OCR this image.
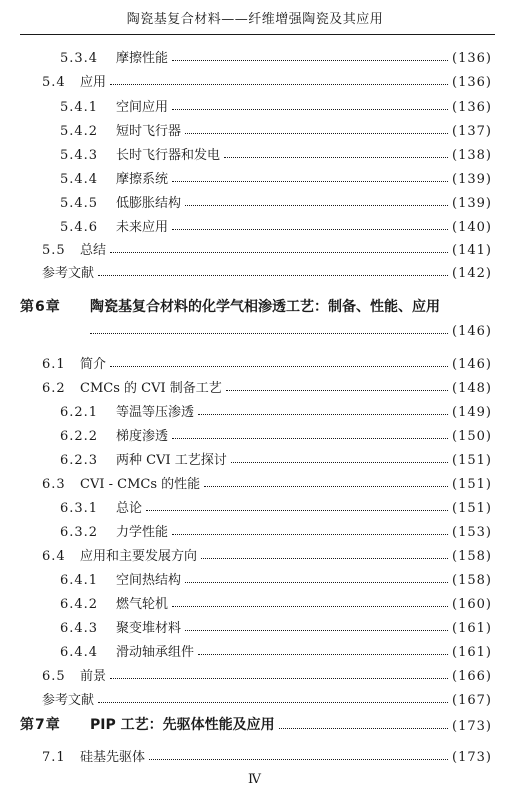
陶瓷基复合材料——纤维增强陶瓷及其应用
5.3.4	摩擦性能	(136)
5.4	应用	(136)
5.4.1	空间应用	(136)
5.4.2	短时飞行器	(137)
5.4.3	长时飞行器和发电	(138)
5.4.4	摩擦系统	(139)
5.4.5	低膨胀结构	(139)
5.4.6	未来应用	(140)
5.5	总结	(141)
参考文献	(142)
第6章	陶瓷基复合材料的化学气相渗透工艺：制备、性能、应用
(146)
6.1	简介	(146)
6.2	CMCs 的 CVI 制备工艺	(148)
6.2.1	等温等压渗透	(149)
6.2.2	梯度渗透	(150)
6.2.3	两种 CVI 工艺探讨	(151)
6.3	CVI - CMCs 的性能	(151)
6.3.1	总论	(151)
6.3.2	力学性能	(153)
6.4	应用和主要发展方向	(158)
6.4.1	空间热结构	(158)
6.4.2	燃气轮机	(160)
6.4.3	聚变堆材料	(161)
6.4.4	滑动轴承组件	(161)
6.5	前景	(166)
参考文献	(167)
第7章	PIP 工艺：先驱体性能及应用	(173)
7.1	硅基先驱体	(173)
Ⅳ
